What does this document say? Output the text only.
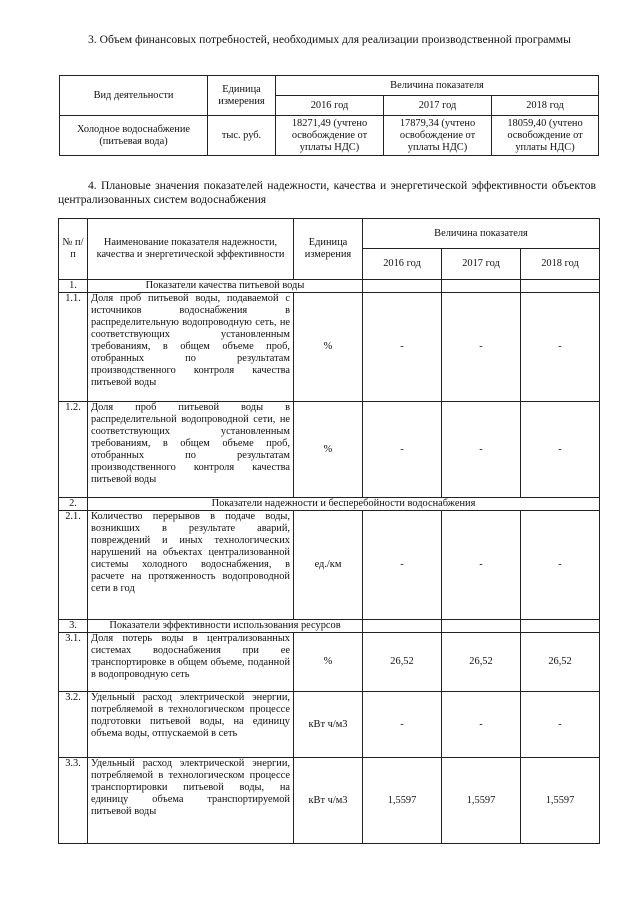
3. Объем финансовых потребностей, необходимых для реализации производственной программы
Вид деятельности	Единица измерения	Величина показателя		
		2016 год	2017 год	2018 год
Холодное водоснабжение (питьевая вода)	тыс. руб.	18271,49 (учтено освобождение от уплаты НДС)	17879,34 (учтено освобождение от уплаты НДС)	18059,40 (учтено освобождение от уплаты НДС)
4. Плановые значения показателей надежности, качества и энергетической эффективности объектов централизованных систем водоснабжения
№ п/п	Наименование показателя надежности, качества и энергетической эффективности	Единица измерения	Величина показателя		
			2016 год	2017 год	2018 год
1.	Показатели качества питьевой воды				
1.1.	Доля проб питьевой воды, подаваемой с источников водоснабжения в распределительную водопроводную сеть, не соответствующих установленным требованиям, в общем объеме проб, отобранных по результатам производственного контроля качества питьевой воды	%	-	-	-
1.2.	Доля проб питьевой воды в распределительной водопроводной сети, не соответствующих установленным требованиям, в общем объеме проб, отобранных по результатам производственного контроля качества питьевой воды	%	-	-	-
2.	Показатели надежности и бесперебойности водоснабжения				
2.1.	Количество перерывов в подаче воды, возникших в результате аварий, повреждений и иных технологических нарушений на объектах централизованной системы холодного водоснабжения, в расчете на протяженность водопроводной сети в год	ед./км	-	-	-
3.	Показатели эффективности использования ресурсов				
3.1.	Доля потерь воды в централизованных системах водоснабжения при ее транспортировке в общем объеме, поданной в водопроводную сеть	%	26,52	26,52	26,52
3.2.	Удельный расход электрической энергии, потребляемой в технологическом процессе подготовки питьевой воды, на единицу объема воды, отпускаемой в сеть	кВт ч/м3	-	-	-
3.3.	Удельный расход электрической энергии, потребляемой в технологическом процессе транспортировки питьевой воды, на единицу объема транспортируемой питьевой воды	кВт ч/м3	1,5597	1,5597	1,5597
